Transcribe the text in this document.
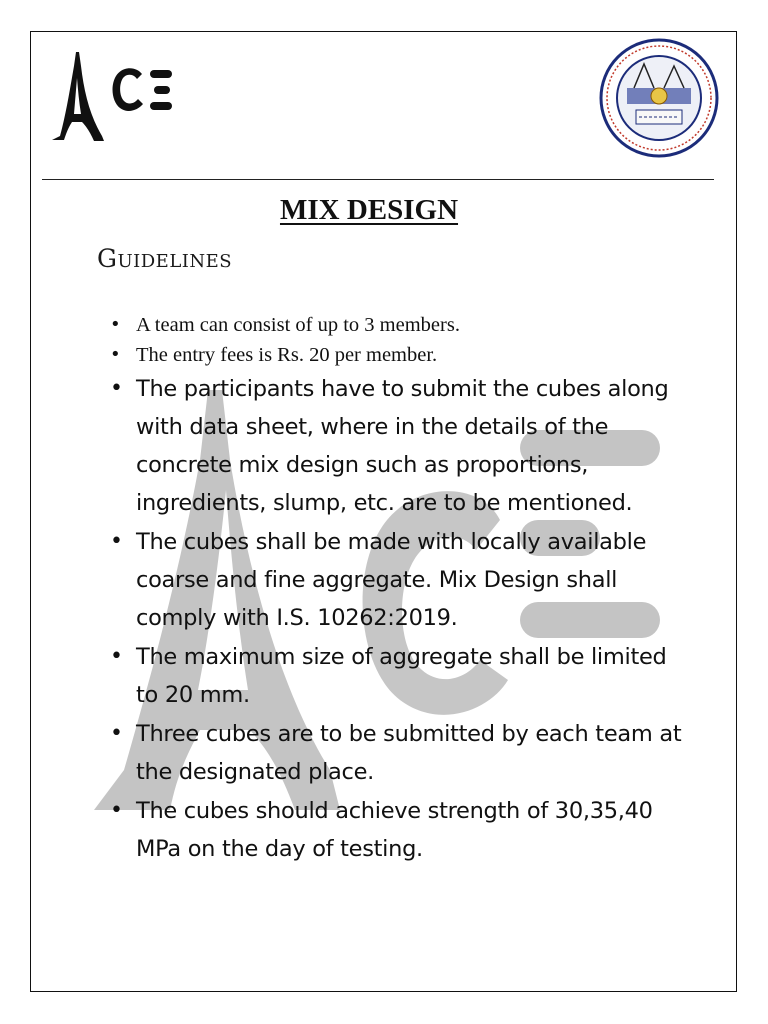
MIX DESIGN
Guidelines
• A team can consist of up to 3 members.
• The entry fees is Rs. 20 per member.
• The participants have to submit the cubes along with data sheet, where in the details of the concrete mix design such as proportions, ingredients, slump, etc. are to be mentioned.
• The cubes shall be made with locally available coarse and fine aggregate. Mix Design shall comply with I.S. 10262:2019.
• The maximum size of aggregate shall be limited to 20 mm.
• Three cubes are to be submitted by each team at the designated place.
• The cubes should achieve strength of 30,35,40 MPa on the day of testing.
